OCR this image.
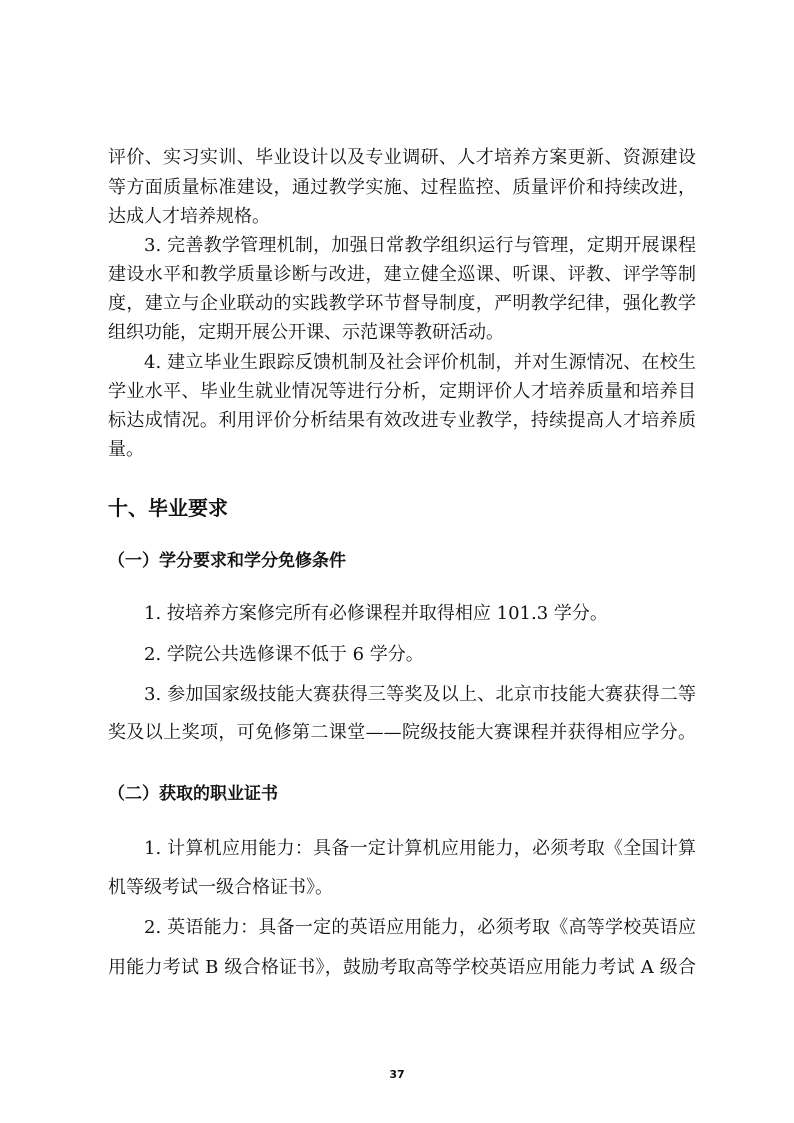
评价、实习实训、毕业设计以及专业调研、人才培养方案更新、资源建设
等方面质量标准建设，通过教学实施、过程监控、质量评价和持续改进，
达成人才培养规格。
3. 完善教学管理机制，加强日常教学组织运行与管理，定期开展课程
建设水平和教学质量诊断与改进，建立健全巡课、听课、评教、评学等制
度，建立与企业联动的实践教学环节督导制度，严明教学纪律，强化教学
组织功能，定期开展公开课、示范课等教研活动。
4. 建立毕业生跟踪反馈机制及社会评价机制，并对生源情况、在校生
学业水平、毕业生就业情况等进行分析，定期评价人才培养质量和培养目
标达成情况。利用评价分析结果有效改进专业教学，持续提高人才培养质
量。
十、毕业要求
（一）学分要求和学分免修条件
1. 按培养方案修完所有必修课程并取得相应 101.3 学分。
2. 学院公共选修课不低于 6 学分。
3. 参加国家级技能大赛获得三等奖及以上、北京市技能大赛获得二等
奖及以上奖项，可免修第二课堂——院级技能大赛课程并获得相应学分。
（二）获取的职业证书
1. 计算机应用能力：具备一定计算机应用能力，必须考取《全国计算
机等级考试一级合格证书》。
2. 英语能力：具备一定的英语应用能力，必须考取《高等学校英语应
用能力考试 B 级合格证书》，鼓励考取高等学校英语应用能力考试 A 级合
37
